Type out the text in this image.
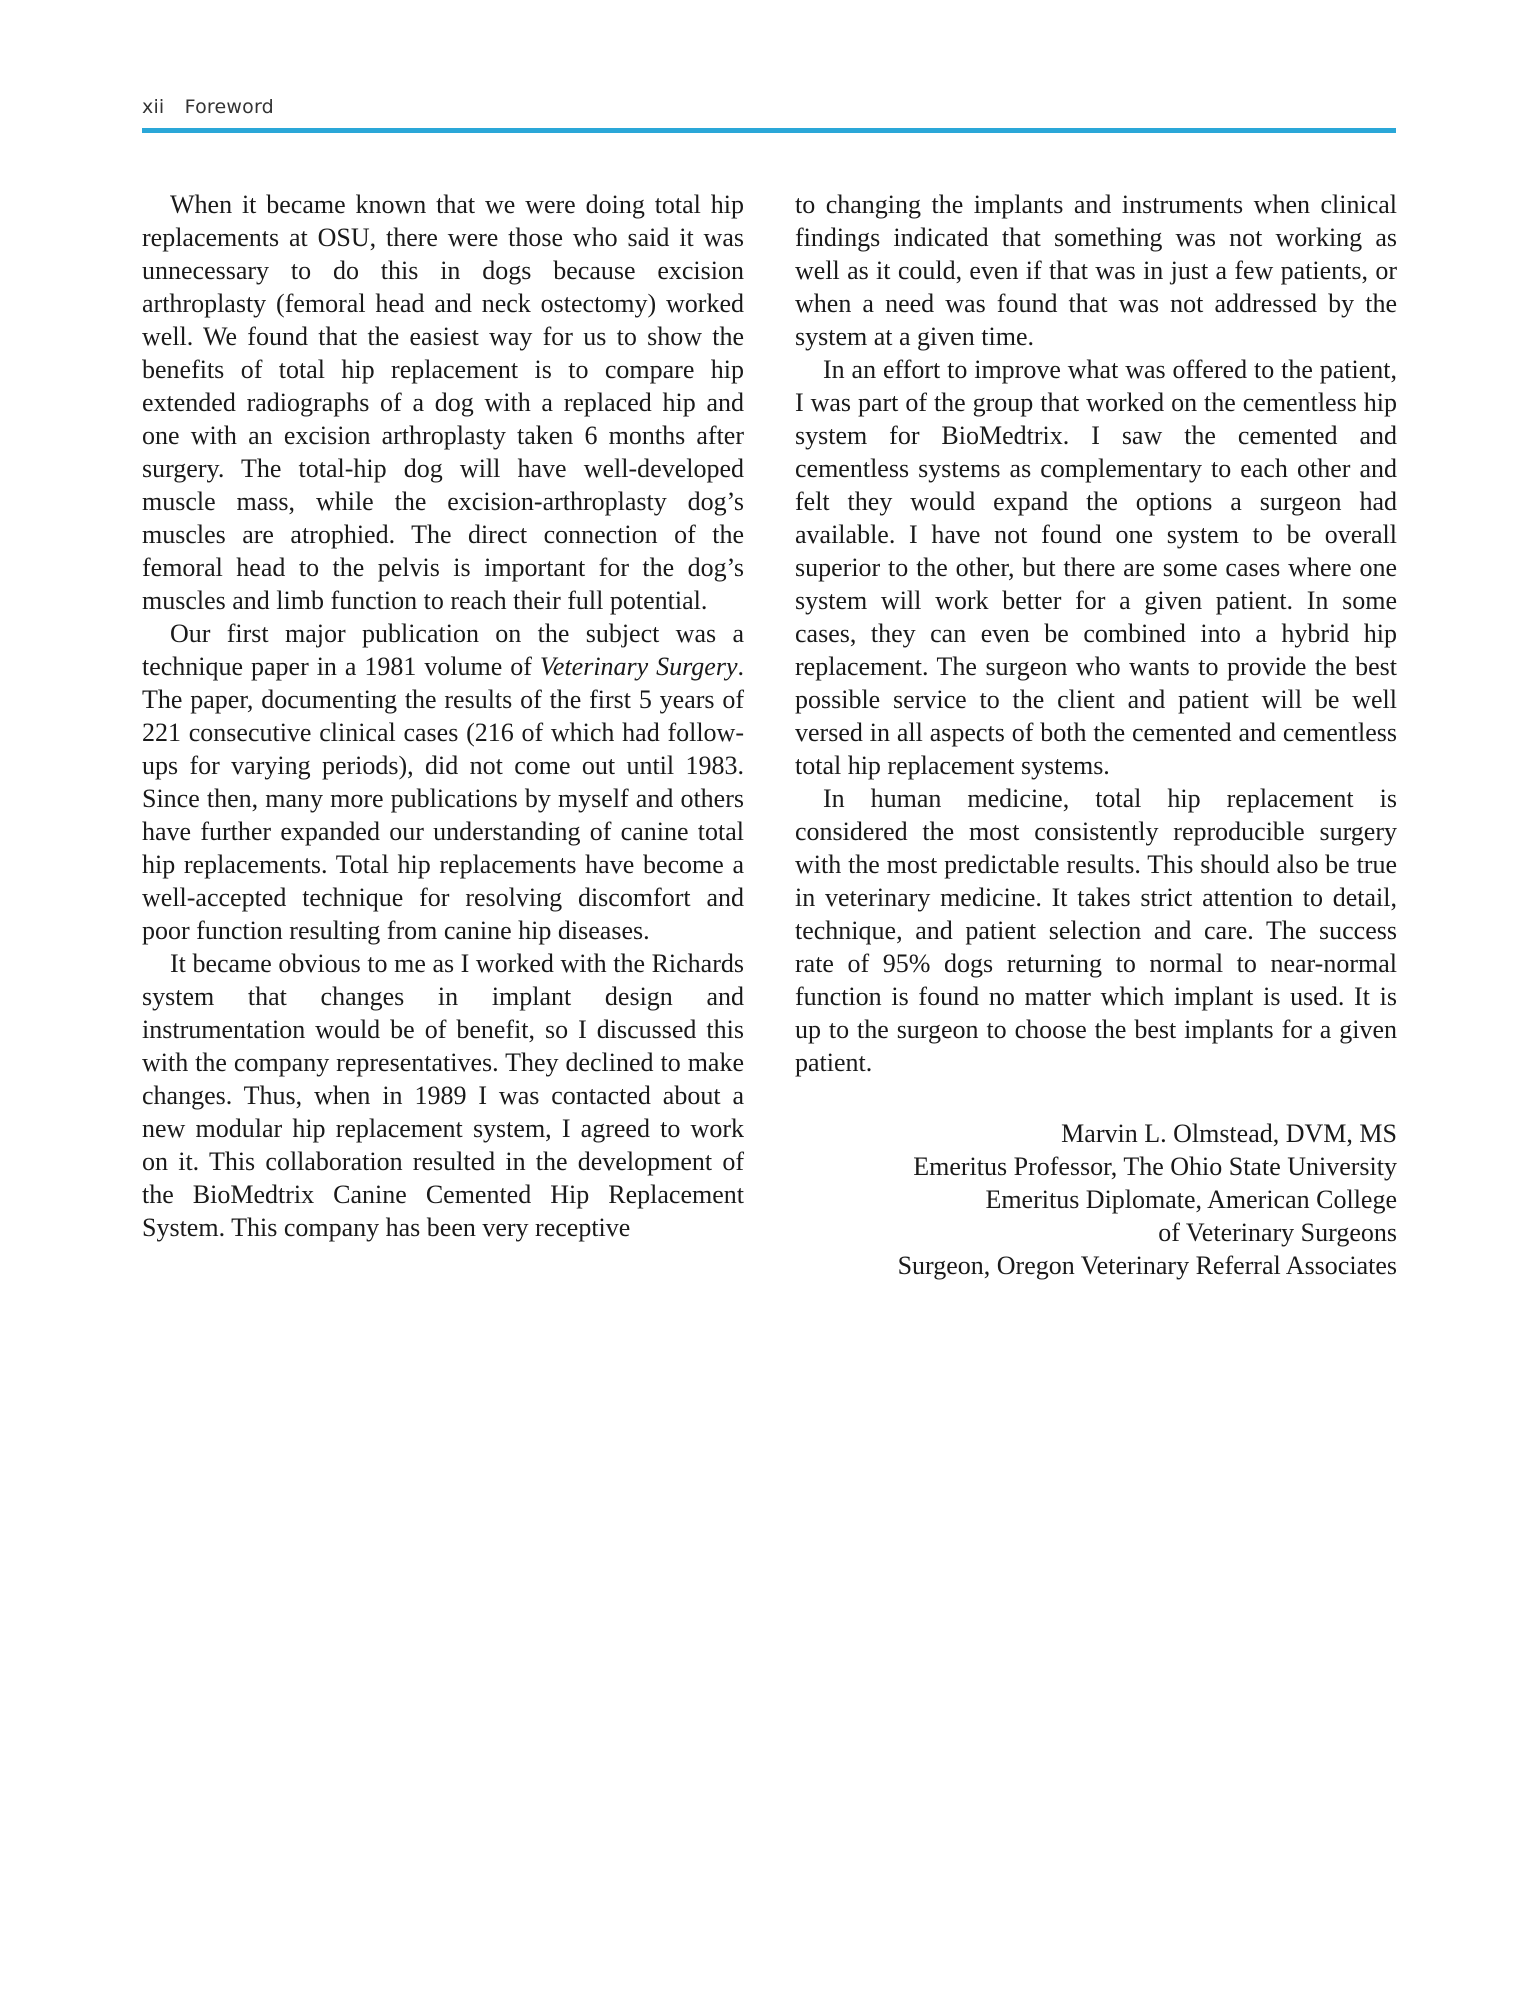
xii Foreword

When it became known that we were doing total hip replacements at OSU, there were those who said it was unnecessary to do this in dogs because excision arthroplasty (femoral head and neck ostectomy) worked well. We found that the easiest way for us to show the benefits of total hip replacement is to compare hip extended radiographs of a dog with a replaced hip and one with an excision arthroplasty taken 6 months after surgery. The total-hip dog will have well-developed muscle mass, while the excision-arthroplasty dog’s muscles are atrophied. The direct connection of the femoral head to the pelvis is important for the dog’s muscles and limb function to reach their full potential.

Our first major publication on the subject was a technique paper in a 1981 volume of Veterinary Surgery. The paper, documenting the results of the first 5 years of 221 consecutive clinical cases (216 of which had follow-ups for varying periods), did not come out until 1983. Since then, many more publications by myself and others have further expanded our understanding of canine total hip replacements. Total hip replacements have become a well-accepted technique for resolving discomfort and poor function resulting from canine hip diseases.

It became obvious to me as I worked with the Richards system that changes in implant design and instrumentation would be of benefit, so I discussed this with the company representatives. They declined to make changes. Thus, when in 1989 I was contacted about a new modular hip replacement system, I agreed to work on it. This collaboration resulted in the development of the BioMedtrix Canine Cemented Hip Replacement System. This company has been very receptive

to changing the implants and instruments when clinical findings indicated that something was not working as well as it could, even if that was in just a few patients, or when a need was found that was not addressed by the system at a given time.

In an effort to improve what was offered to the patient, I was part of the group that worked on the cementless hip system for BioMedtrix. I saw the cemented and cementless systems as complementary to each other and felt they would expand the options a surgeon had available. I have not found one system to be overall superior to the other, but there are some cases where one system will work better for a given patient. In some cases, they can even be combined into a hybrid hip replacement. The surgeon who wants to provide the best possible service to the client and patient will be well versed in all aspects of both the cemented and cementless total hip replacement systems.

In human medicine, total hip replacement is considered the most consistently reproducible surgery with the most predictable results. This should also be true in veterinary medicine. It takes strict attention to detail, technique, and patient selection and care. The success rate of 95% dogs returning to normal to near-normal function is found no matter which implant is used. It is up to the surgeon to choose the best implants for a given patient.

Marvin L. Olmstead, DVM, MS
Emeritus Professor, The Ohio State University
Emeritus Diplomate, American College
of Veterinary Surgeons
Surgeon, Oregon Veterinary Referral Associates
